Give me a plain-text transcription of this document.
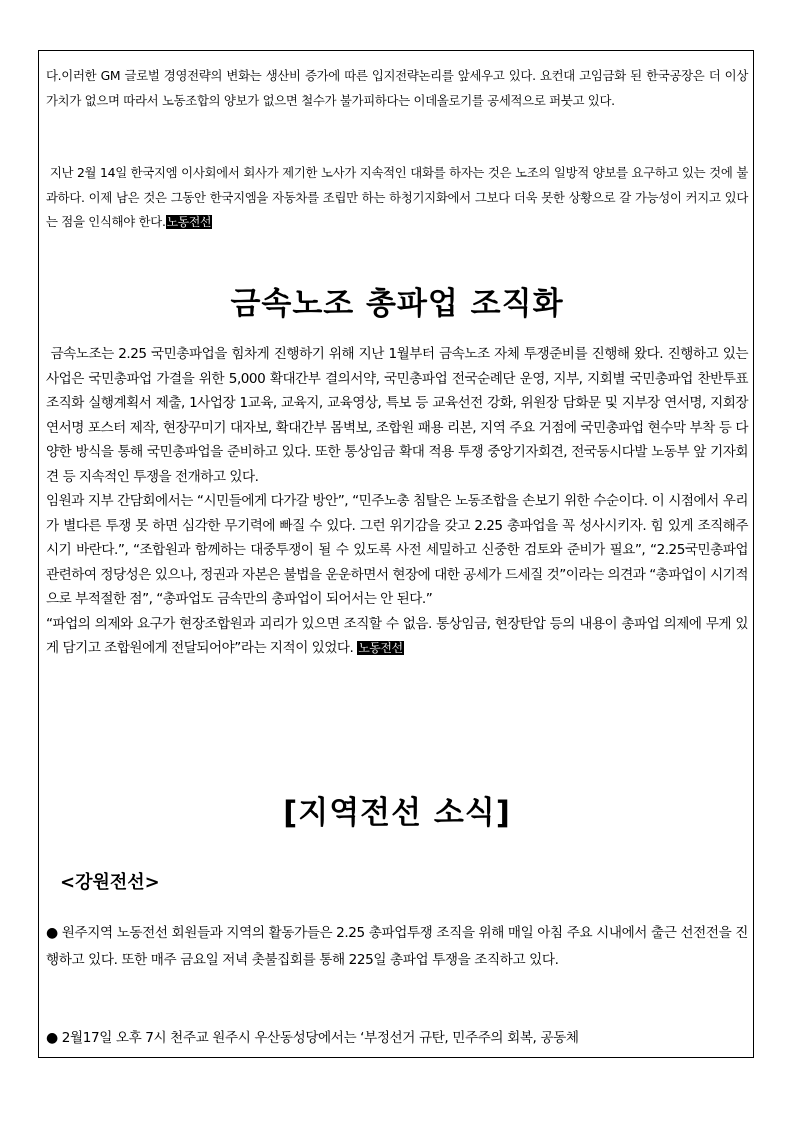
다.이러한 GM 글로벌 경영전략의 변화는 생산비 증가에 따른 입지전략논리를 앞세우고 있다. 요컨대 고임금화 된 한국공장은 더 이상 가치가 없으며 따라서 노동조합의 양보가 없으면 철수가 불가피하다는 이데올로기를 공세적으로 퍼붓고 있다.

지난 2월 14일 한국지엠 이사회에서 회사가 제기한 노사가 지속적인 대화를 하자는 것은 노조의 일방적 양보를 요구하고 있는 것에 불과하다. 이제 남은 것은 그동안 한국지엠을 자동차를 조립만 하는 하청기지화에서 그보다 더욱 못한 상황으로 갈 가능성이 커지고 있다는 점을 인식해야 한다.노동전선

금속노조 총파업 조직화
금속노조는 2.25 국민총파업을 힘차게 진행하기 위해 지난 1월부터 금속노조 자체 투쟁준비를 진행해 왔다. 진행하고 있는 사업은 국민총파업 가결을 위한 5,000 확대간부 결의서약, 국민총파업 전국순례단 운영, 지부, 지회별 국민총파업 찬반투표 조직화 실행계획서 제출, 1사업장 1교육, 교육지, 교육영상, 특보 등 교육선전 강화, 위원장 담화문 및 지부장 연서명, 지회장 연서명 포스터 제작, 현장꾸미기 대자보, 확대간부 몸벽보, 조합원 패용 리본, 지역 주요 거점에 국민총파업 현수막 부착 등 다양한 방식을 통해 국민총파업을 준비하고 있다. 또한 통상임금 확대 적용 투쟁 중앙기자회견, 전국동시다발 노동부 앞 기자회견 등 지속적인 투쟁을 전개하고 있다.
임원과 지부 간담회에서는 “시민들에게 다가갈 방안”, “민주노총 침탈은 노동조합을 손보기 위한 수순이다. 이 시점에서 우리가 별다른 투쟁 못 하면 심각한 무기력에 빠질 수 있다. 그런 위기감을 갖고 2.25 총파업을 꼭 성사시키자. 힘 있게 조직해주시기 바란다.”, “조합원과 함께하는 대중투쟁이 될 수 있도록 사전 세밀하고 신중한 검토와 준비가 필요”, “2.25국민총파업 관련하여 정당성은 있으나, 정권과 자본은 불법을 운운하면서 현장에 대한 공세가 드세질 것”이라는 의견과 “총파업이 시기적으로 부적절한 점”, “총파업도 금속만의 총파업이 되어서는 안 된다.”
“파업의 의제와 요구가 현장조합원과 괴리가 있으면 조직할 수 없음. 통상임금, 현장탄압 등의 내용이 총파업 의제에 무게 있게 담기고 조합원에게 전달되어야”라는 지적이 있었다. 노동전선
[지역전선 소식]
<강원전선>

● 원주지역 노동전선 회원들과 지역의 활동가들은 2.25 총파업투쟁 조직을 위해 매일 아침 주요 시내에서 출근 선전전을 진행하고 있다. 또한 매주 금요일 저녁 촛불집회를 통해 225일 총파업 투쟁을 조직하고 있다.

● 2월17일 오후 7시 천주교 원주시 우산동성당에서는 ‘부정선거 규탄, 민주주의 회복, 공동체
